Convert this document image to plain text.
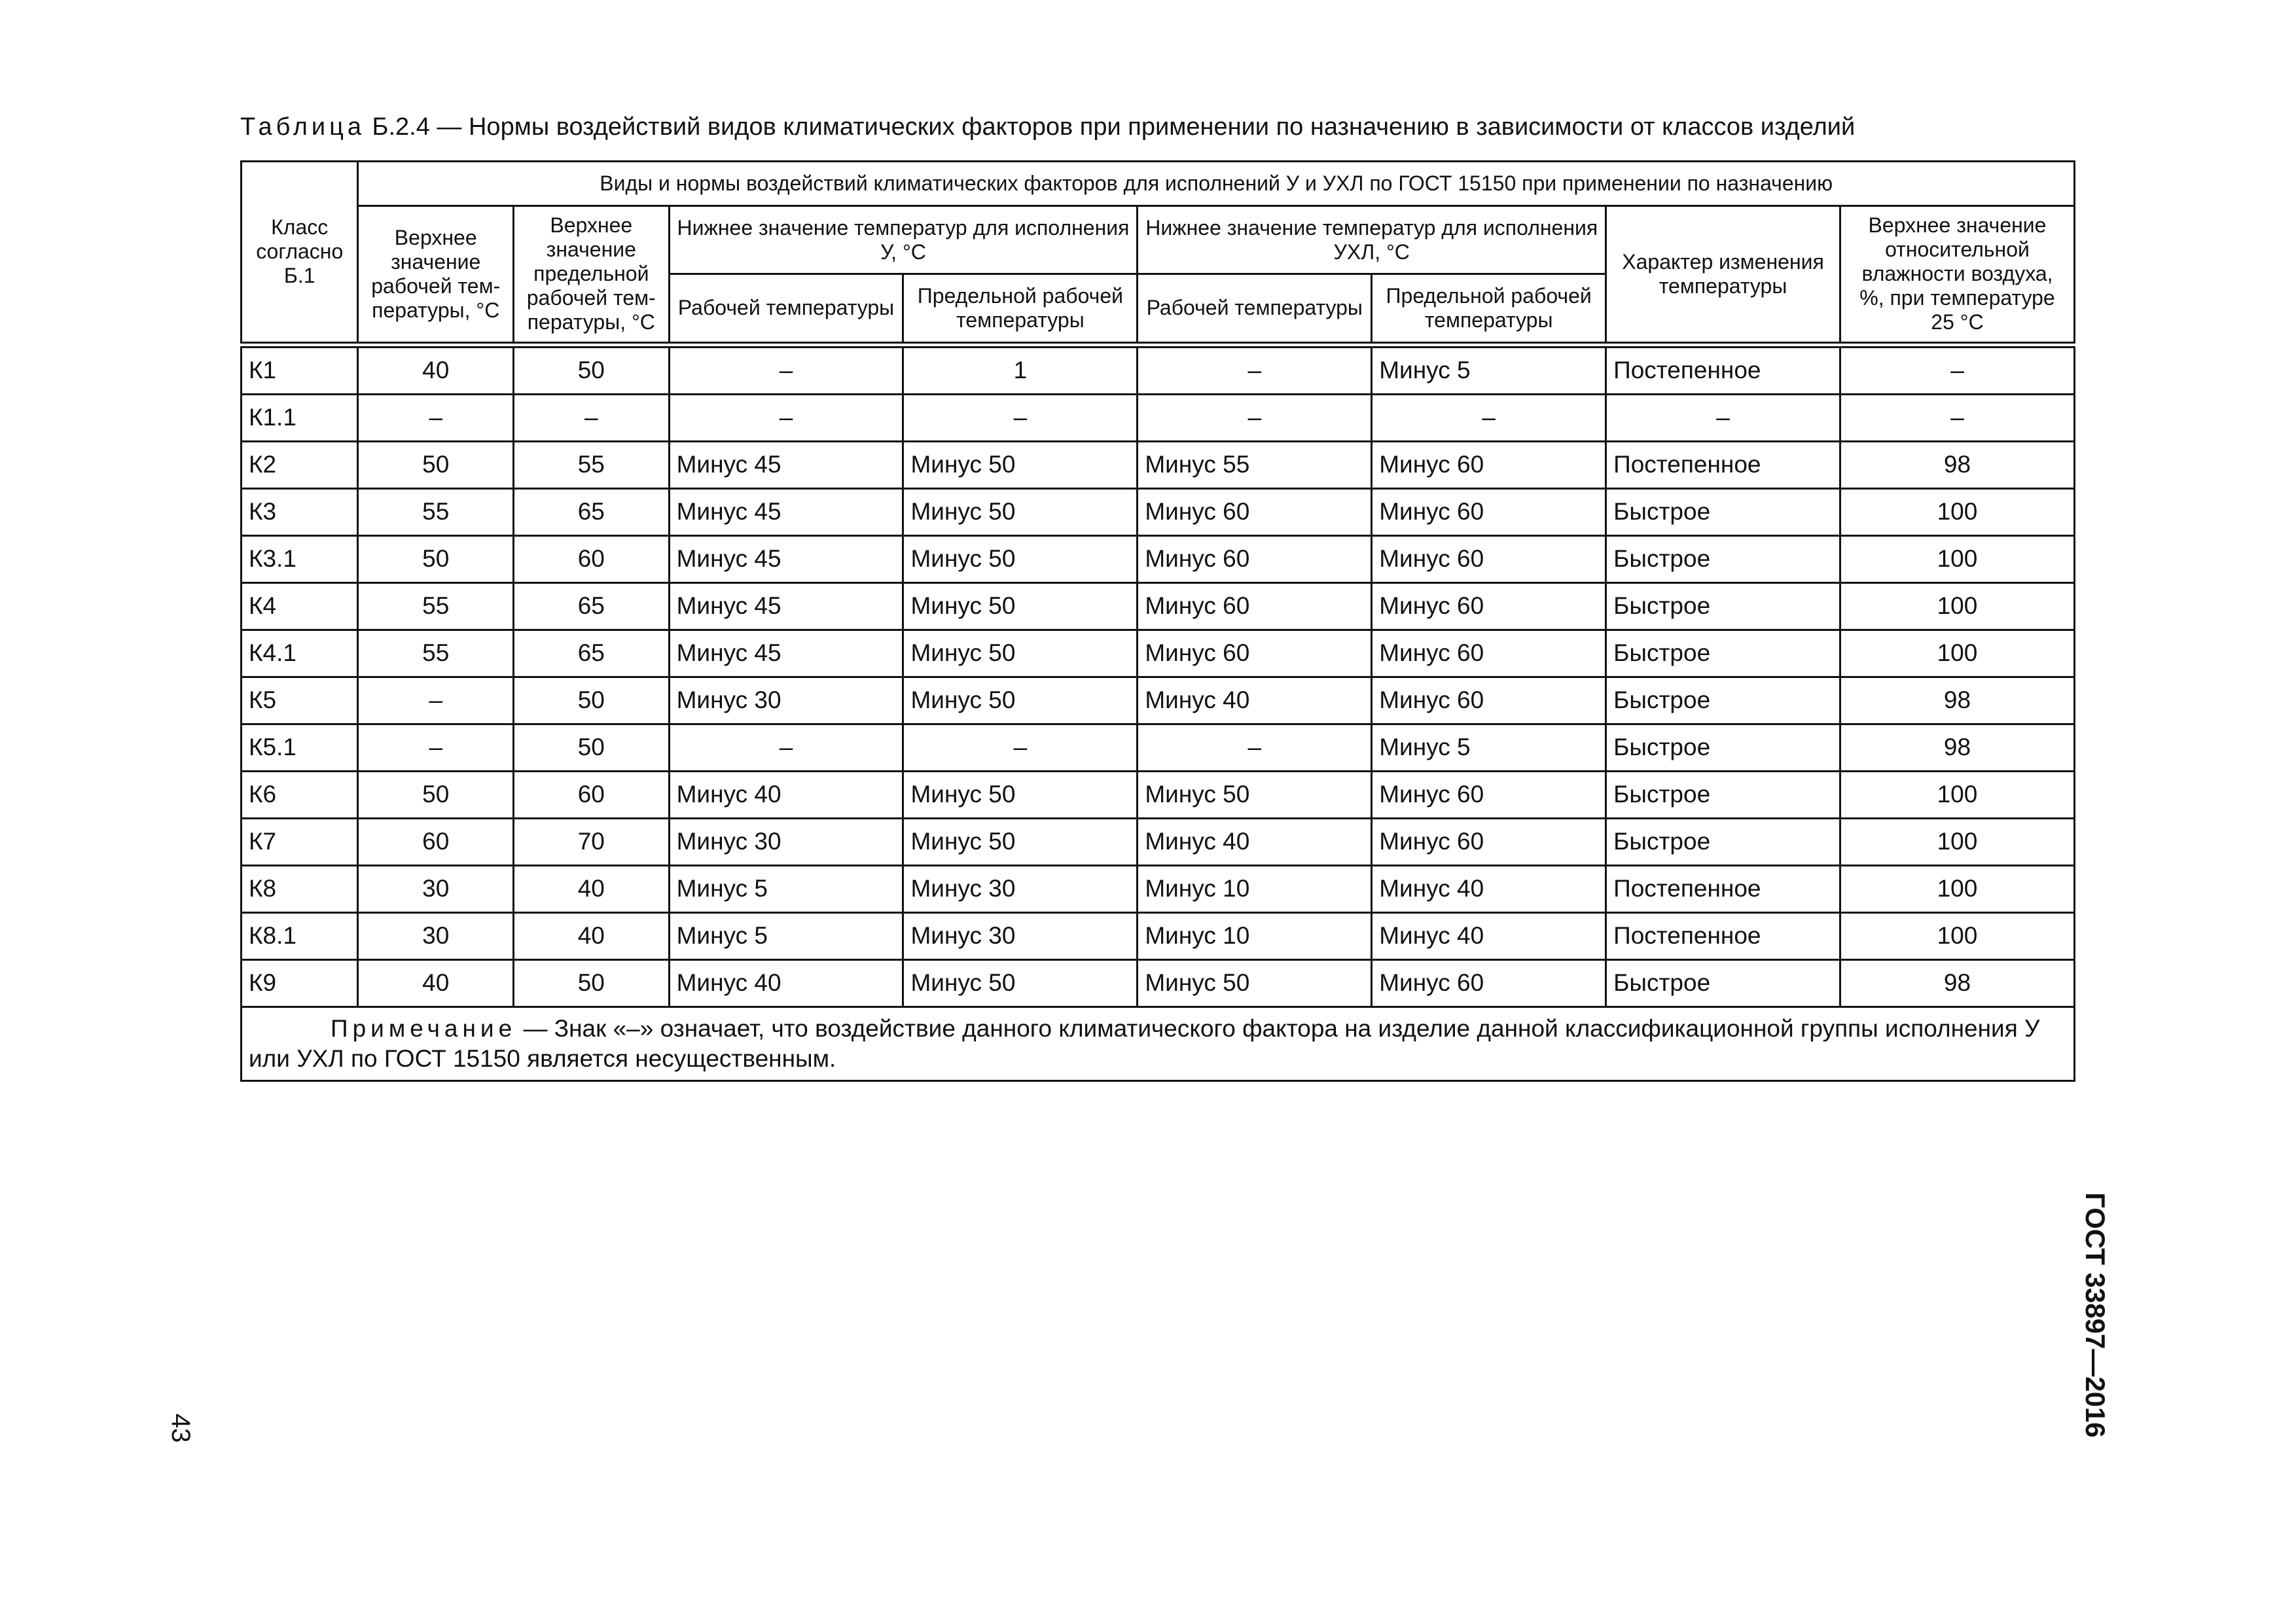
Таблица Б.2.4 — Нормы воздействий видов климатических факторов при применении по назначению в зависимости от классов изделий
Класс согласно Б.1	Виды и нормы воздействий климатических факторов для исполнений У и УХЛ по ГОСТ 15150 при применении по назначению							
	Верхнее значение рабочей температуры, °С	Верхнее значение предельной рабочей температуры, °С	Нижнее значение температур для исполнения У, °С		Нижнее значение температур для исполнения УХЛ, °С		Характер изменения температуры	Верхнее значение относительной влажности воздуха, %, при температуре 25 °С
			Рабочей температуры	Предельной рабочей температуры	Рабочей температуры	Предельной рабочей температуры		
К1	40	50	–	1	–	Минус 5	Постепенное	–
К1.1	–	–	–	–	–	–	–	–
К2	50	55	Минус 45	Минус 50	Минус 55	Минус 60	Постепенное	98
К3	55	65	Минус 45	Минус 50	Минус 60	Минус 60	Быстрое	100
К3.1	50	60	Минус 45	Минус 50	Минус 60	Минус 60	Быстрое	100
К4	55	65	Минус 45	Минус 50	Минус 60	Минус 60	Быстрое	100
К4.1	55	65	Минус 45	Минус 50	Минус 60	Минус 60	Быстрое	100
К5	–	50	Минус 30	Минус 50	Минус 40	Минус 60	Быстрое	98
К5.1	–	50	–	–	–	Минус 5	Быстрое	98
К6	50	60	Минус 40	Минус 50	Минус 50	Минус 60	Быстрое	100
К7	60	70	Минус 30	Минус 50	Минус 40	Минус 60	Быстрое	100
К8	30	40	Минус 5	Минус 30	Минус 10	Минус 40	Постепенное	100
К8.1	30	40	Минус 5	Минус 30	Минус 10	Минус 40	Постепенное	100
К9	40	50	Минус 40	Минус 50	Минус 50	Минус 60	Быстрое	98
Примечание — Знак «–» означает, что воздействие данного климатического фактора на изделие данной классификационной группы исполнения У или УХЛ по ГОСТ 15150 является несущественным.								
ГОСТ 33897—2016
43
